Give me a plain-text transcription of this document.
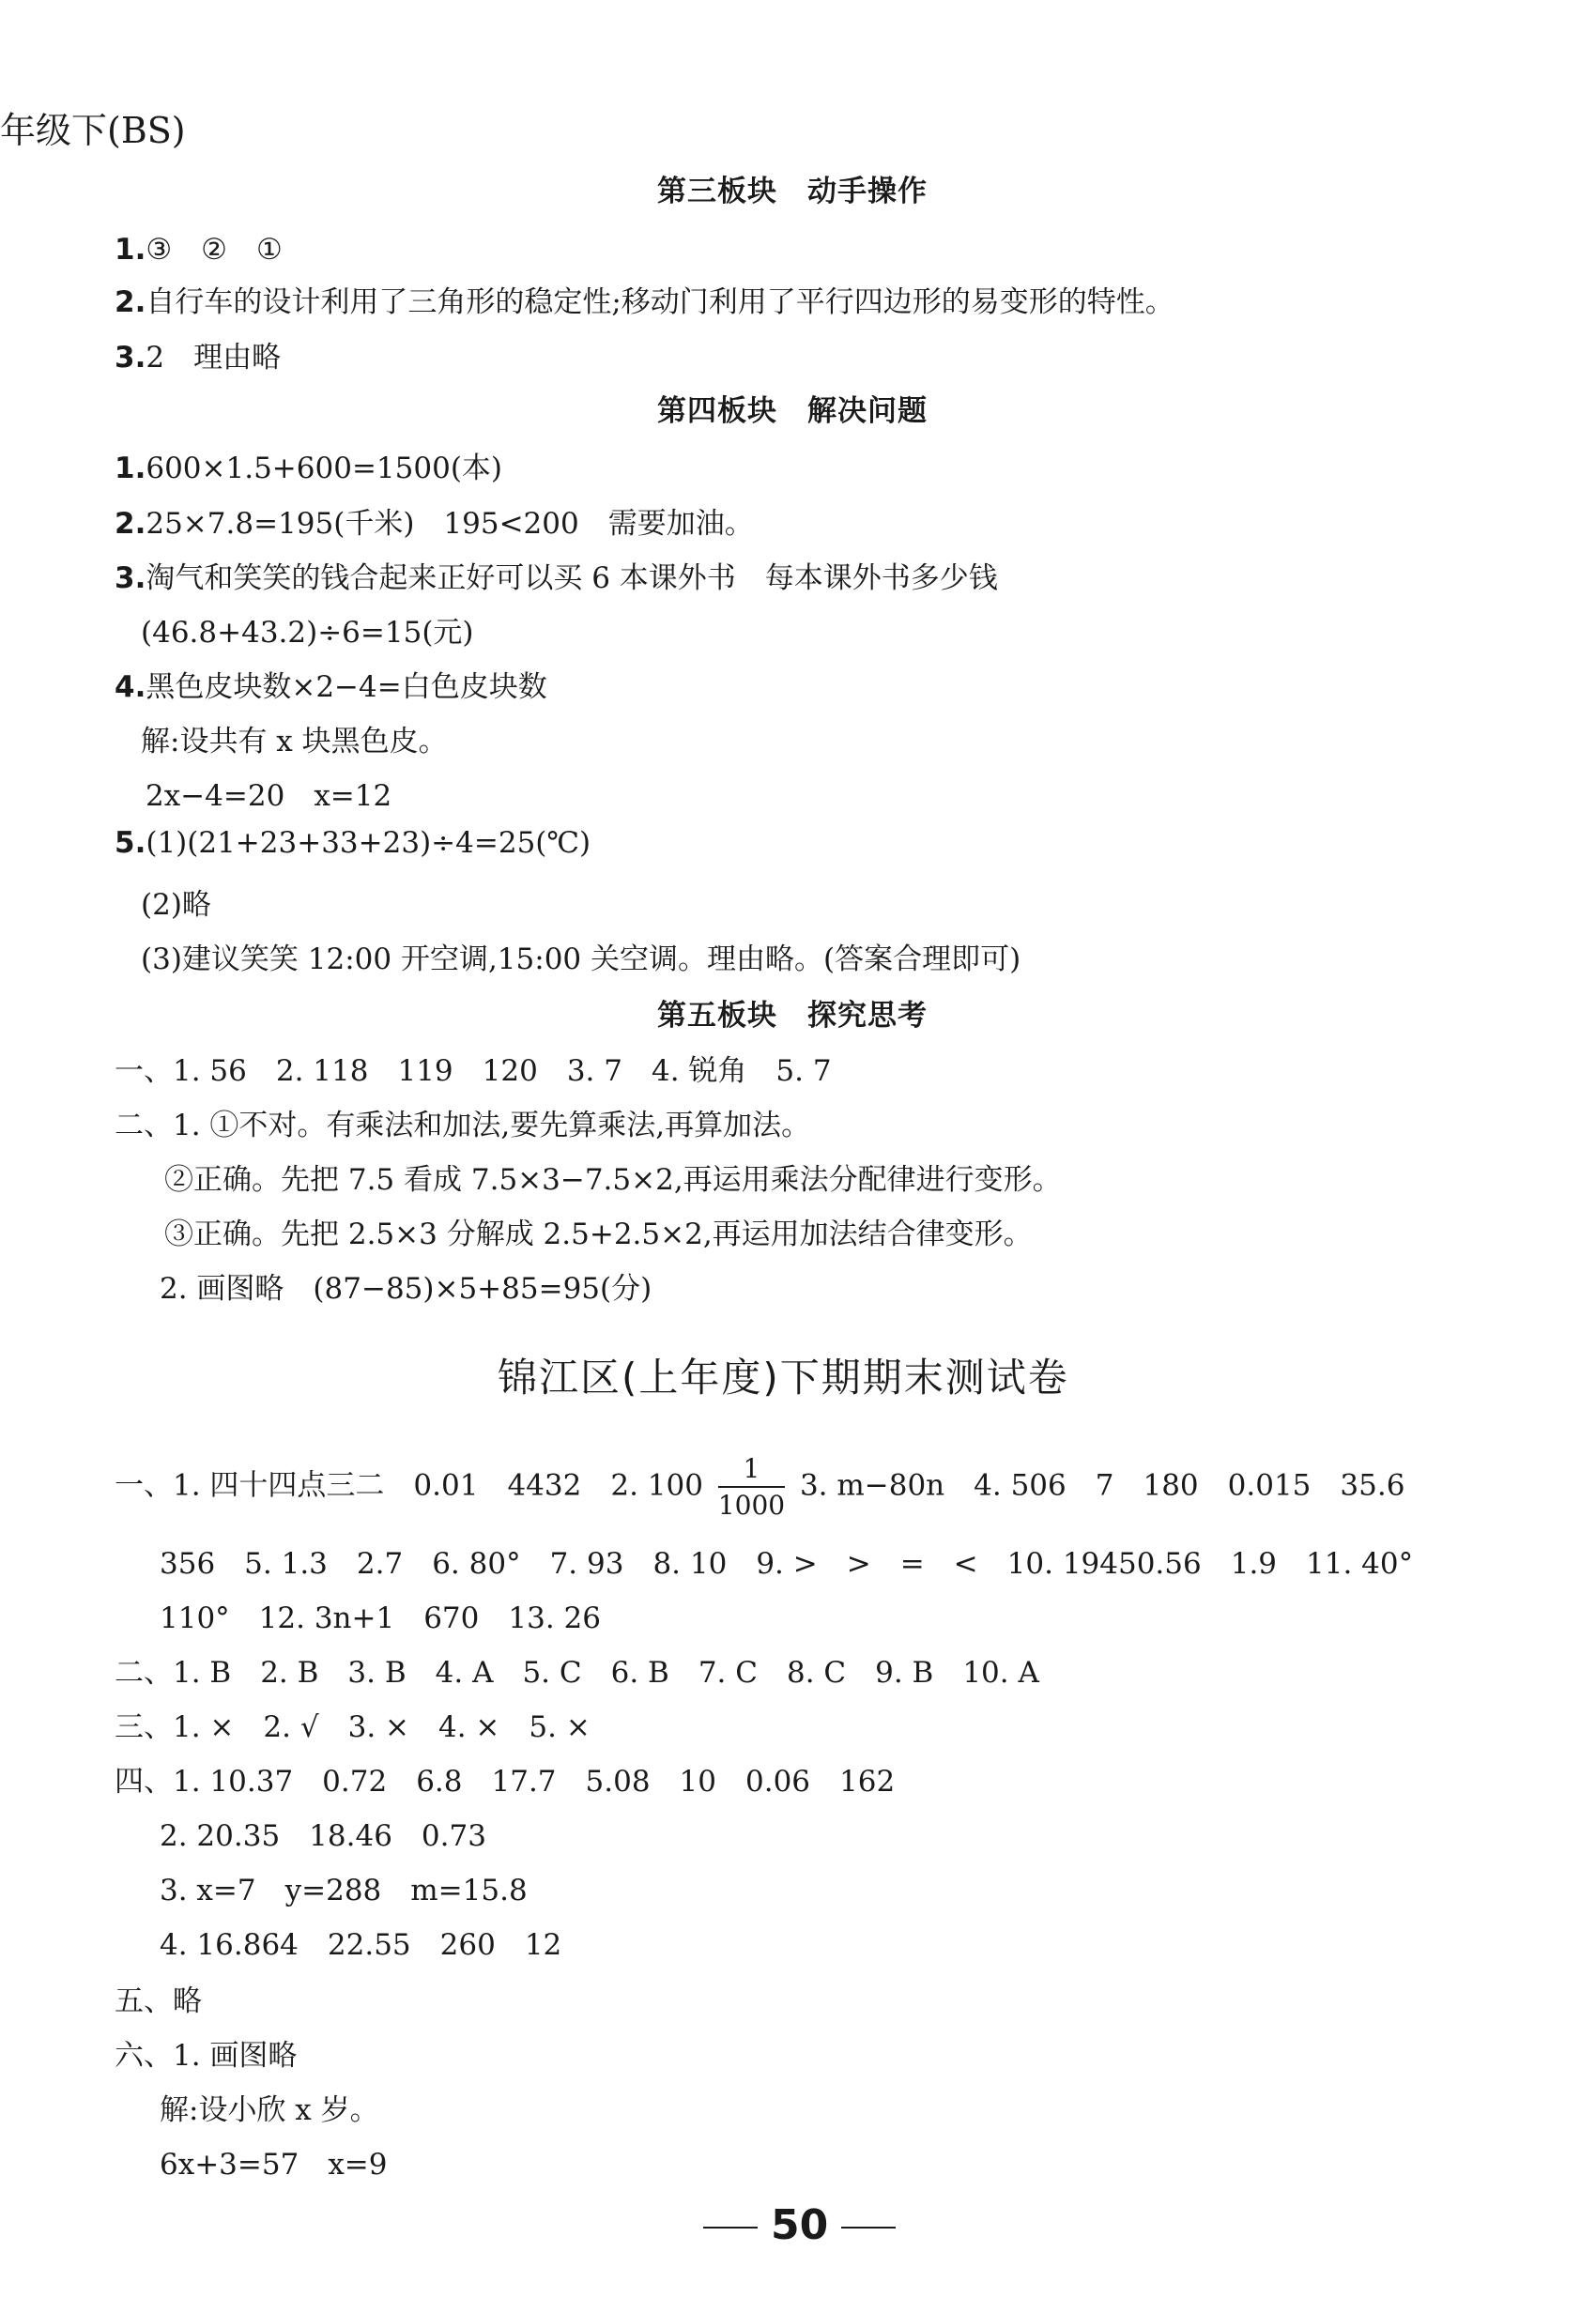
年级下(BS)
第三板块　动手操作
1.③　②　①
2.自行车的设计利用了三角形的稳定性;移动门利用了平行四边形的易变形的特性。
3.2　理由略
第四板块　解决问题
1.600×1.5+600=1500(本)
2.25×7.8=195(千米)　195<200　需要加油。
3.淘气和笑笑的钱合起来正好可以买 6 本课外书　每本课外书多少钱
(46.8+43.2)÷6=15(元)
4.黑色皮块数×2−4=白色皮块数
解:设共有 x 块黑色皮。
2x−4=20　x=12
5.(1)(21+23+33+23)÷4=25(℃)
(2)略
(3)建议笑笑 12:00 开空调,15:00 关空调。理由略。(答案合理即可)
第五板块　探究思考
一、1. 56　2. 118　119　120　3. 7　4. 锐角　5. 7
二、1. ①不对。有乘法和加法,要先算乘法,再算加法。
②正确。先把 7.5 看成 7.5×3−7.5×2,再运用乘法分配律进行变形。
③正确。先把 2.5×3 分解成 2.5+2.5×2,再运用加法结合律变形。
2. 画图略　(87−85)×5+85=95(分)
锦江区(上年度)下期期末测试卷
一、1. 四十四点三二　0.01　4432　2. $100 \frac{1}{1000} 3$. m−80n　4. 506　7　180　0.015　35.6
356　5. 1.3　2.7　6. 80°　7. 93　8. 10　9. >　>　=　<　10. 19450.56　1.9　11. 40°
110°　12. 3n+1　670　13. 26
二、1. B　2. B　3. B　4. A　5. C　6. B　7. C　8. C　9. B　10. A
三、1. ×　2. √　3. ×　4. ×　5. ×
四、1. 10.37　0.72　6.8　17.7　5.08　10　0.06　162
2. 20.35　18.46　0.73
3. x=7　y=288　m=15.8
4. 16.864　22.55　260　12
五、略
六、1. 画图略
解:设小欣 x 岁。
6x+3=57　x=9
50
